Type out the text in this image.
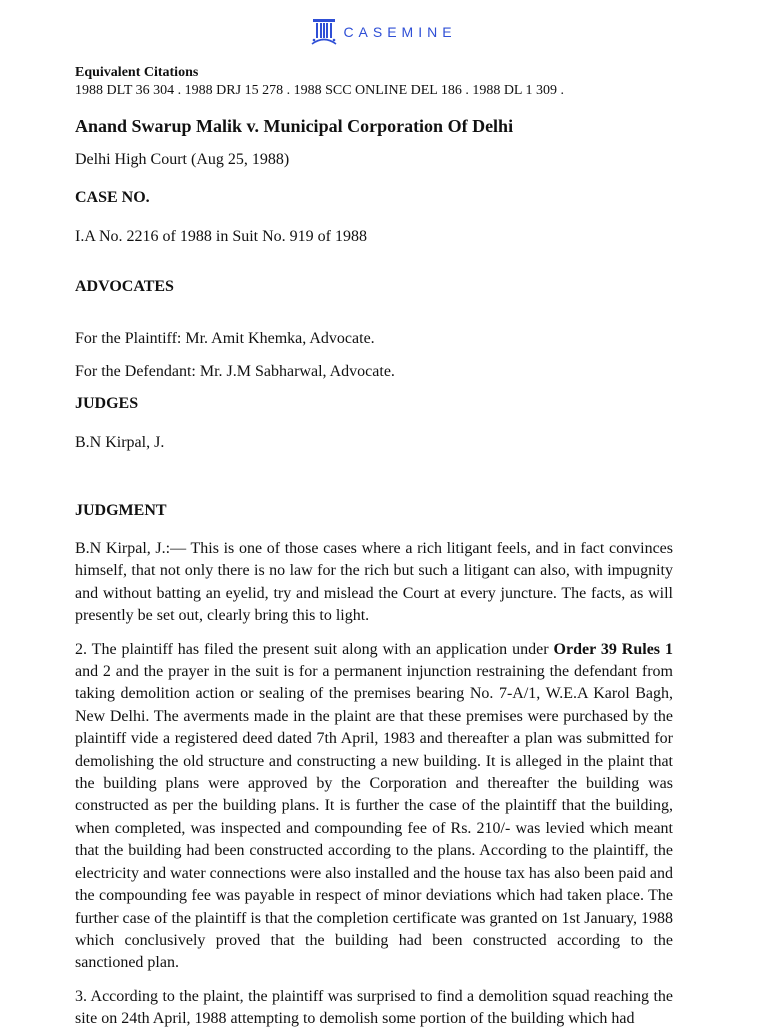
CASEMINE
Equivalent Citations
1988 DLT 36 304 . 1988 DRJ 15 278 . 1988 SCC ONLINE DEL 186 . 1988 DL 1 309 .
Anand Swarup Malik v. Municipal Corporation Of Delhi
Delhi High Court (Aug 25, 1988)
CASE NO.
I.A No. 2216 of 1988 in Suit No. 919 of 1988
ADVOCATES
For the Plaintiff: Mr. Amit Khemka, Advocate.
For the Defendant: Mr. J.M Sabharwal, Advocate.
JUDGES
B.N Kirpal, J.
JUDGMENT

B.N Kirpal, J.:— This is one of those cases where a rich litigant feels, and in fact convinces himself, that not only there is no law for the rich but such a litigant can also, with impugnity and without batting an eyelid, try and mislead the Court at every juncture. The facts, as will presently be set out, clearly bring this to light.

2. The plaintiff has filed the present suit along with an application under Order 39 Rules 1 and 2 and the prayer in the suit is for a permanent injunction restraining the defendant from taking demolition action or sealing of the premises bearing No. 7-A/1, W.E.A Karol Bagh, New Delhi. The averments made in the plaint are that these premises were purchased by the plaintiff vide a registered deed dated 7th April, 1983 and thereafter a plan was submitted for demolishing the old structure and constructing a new building. It is alleged in the plaint that the building plans were approved by the Corporation and thereafter the building was constructed as per the building plans. It is further the case of the plaintiff that the building, when completed, was inspected and compounding fee of Rs. 210/- was levied which meant that the building had been constructed according to the plans. According to the plaintiff, the electricity and water connections were also installed and the house tax has also been paid and the compounding fee was payable in respect of minor deviations which had taken place. The further case of the plaintiff is that the completion certificate was granted on 1st January, 1988 which conclusively proved that the building had been constructed according to the sanctioned plan.

3. According to the plaint, the plaintiff was surprised to find a demolition squad reaching the site on 24th April, 1988 attempting to demolish some portion of the building which had
